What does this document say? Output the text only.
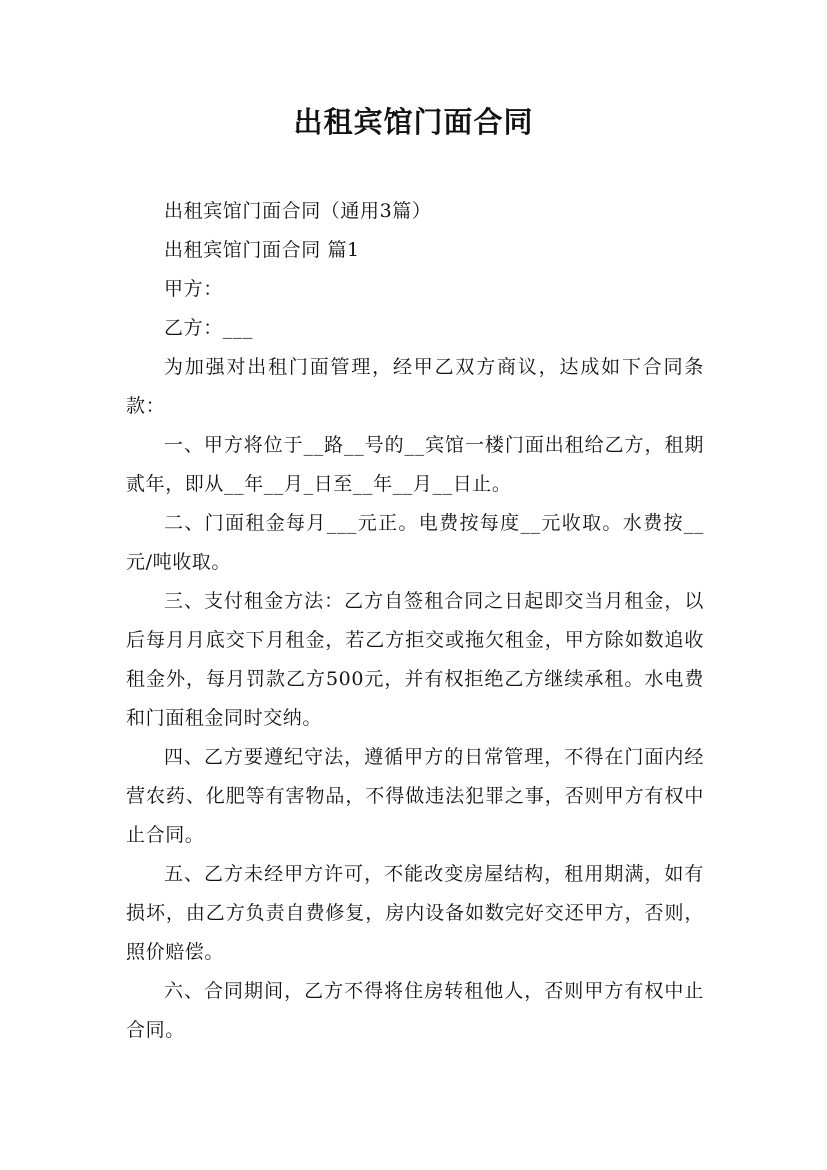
出租宾馆门面合同

出租宾馆门面合同（通用3篇）

出租宾馆门面合同 篇1

甲方：

乙方：___

为加强对出租门面管理，经甲乙双方商议，达成如下合同条款：

一、甲方将位于__路__号的__宾馆一楼门面出租给乙方，租期贰年，即从__年__月_日至__年__月__日止。

二、门面租金每月___元正。电费按每度__元收取。水费按__元/吨收取。

三、支付租金方法：乙方自签租合同之日起即交当月租金，以后每月月底交下月租金，若乙方拒交或拖欠租金，甲方除如数追收租金外，每月罚款乙方500元，并有权拒绝乙方继续承租。水电费和门面租金同时交纳。

四、乙方要遵纪守法，遵循甲方的日常管理，不得在门面内经营农药、化肥等有害物品，不得做违法犯罪之事，否则甲方有权中止合同。

五、乙方未经甲方许可，不能改变房屋结构，租用期满，如有损坏，由乙方负责自费修复，房内设备如数完好交还甲方，否则，照价赔偿。

六、合同期间，乙方不得将住房转租他人，否则甲方有权中止合同。
